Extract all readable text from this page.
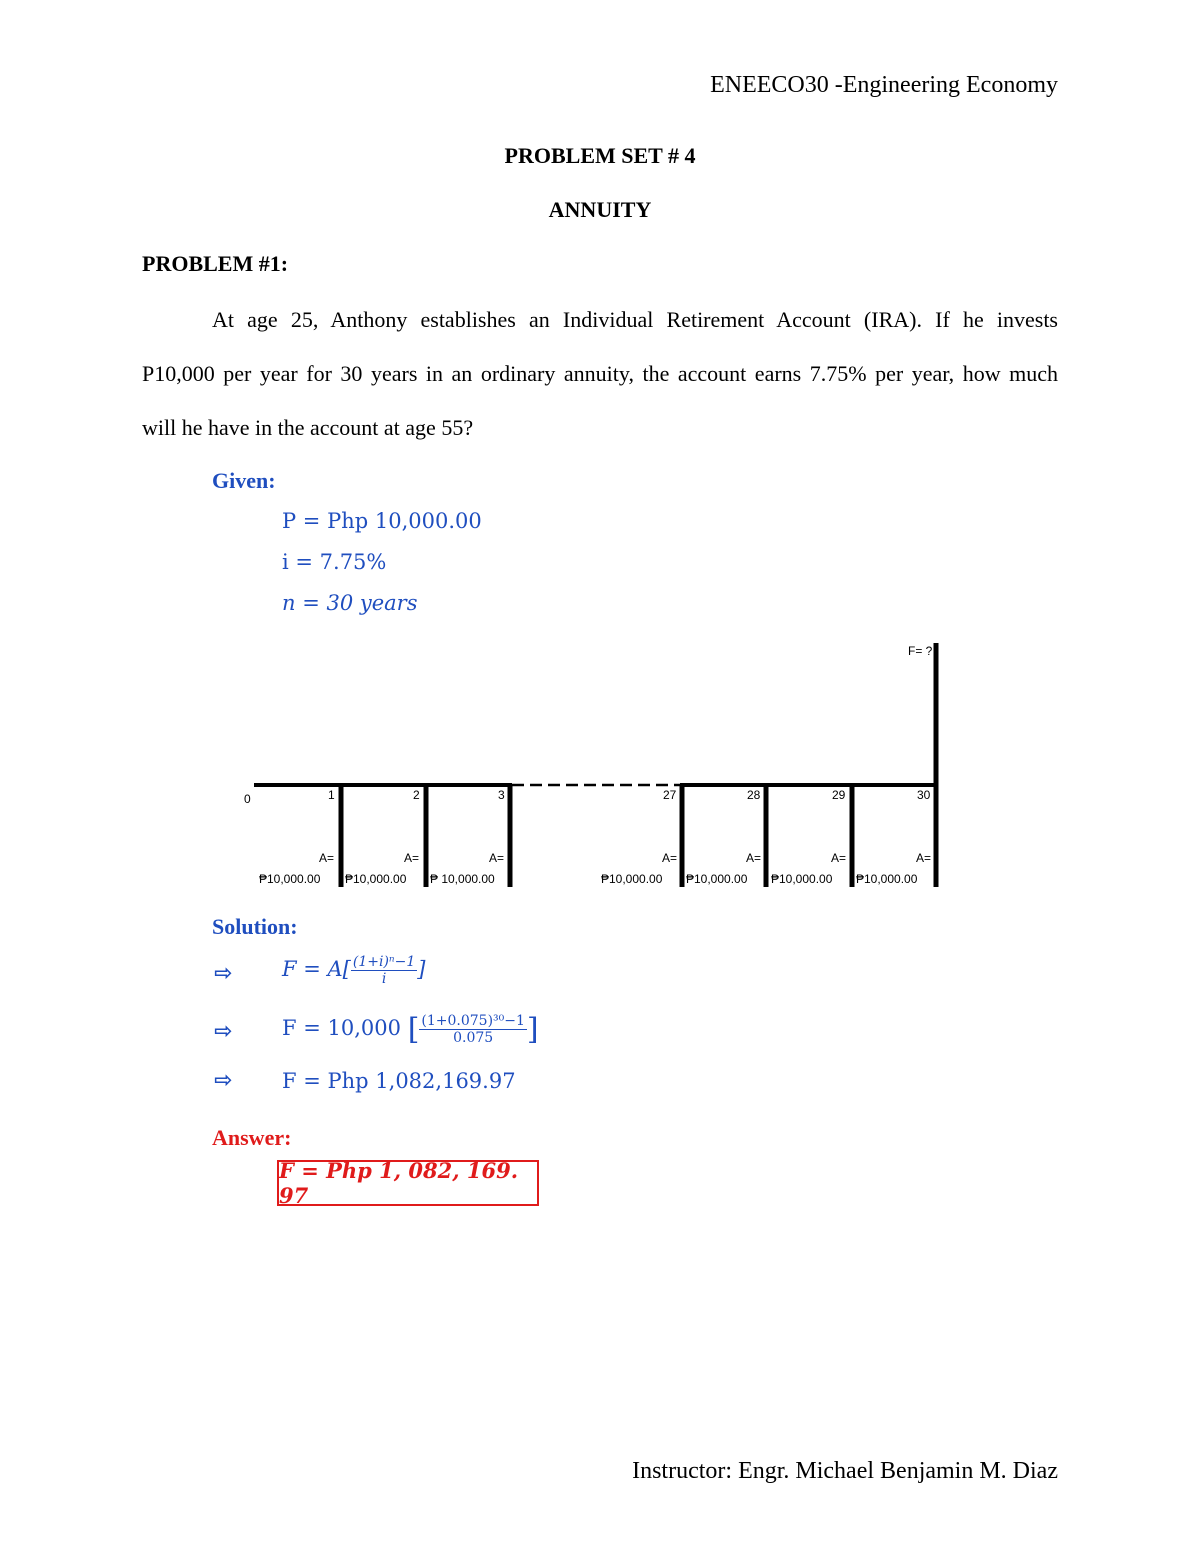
ENEECO30 -Engineering Economy
PROBLEM SET # 4
ANNUITY
PROBLEM #1:

At age 25, Anthony establishes an Individual Retirement Account (IRA). If he invests

P10,000 per year for 30 years in an ordinary annuity, the account earns 7.75% per year, how much

will he have in the account at age 55?

Given:
P = Php 10,000.00
i = 7.75%
n = 30 years
F= ?
0	1	2	3	27	28	29	30
A=	A=	A=	A=	A=	A=	A=
₱10,000.00 ₱10,000.00 ₱ 10,000.00	₱10,000.00 ₱10,000.00 ₱10,000.00 ₱10,000.00
Solution:
⇨ $F = A[ \frac{\text{(1+i)ⁿ−1}}{i}$ ]
⇨ F = 10,000 [ $\frac{\text{(1+0.075)³⁰−1}}{0.075}$ ]
⇨ F = Php 1,082,169.97
Answer:
F = Php 1, 082, 169. 97
Instructor: Engr. Michael Benjamin M. Diaz
